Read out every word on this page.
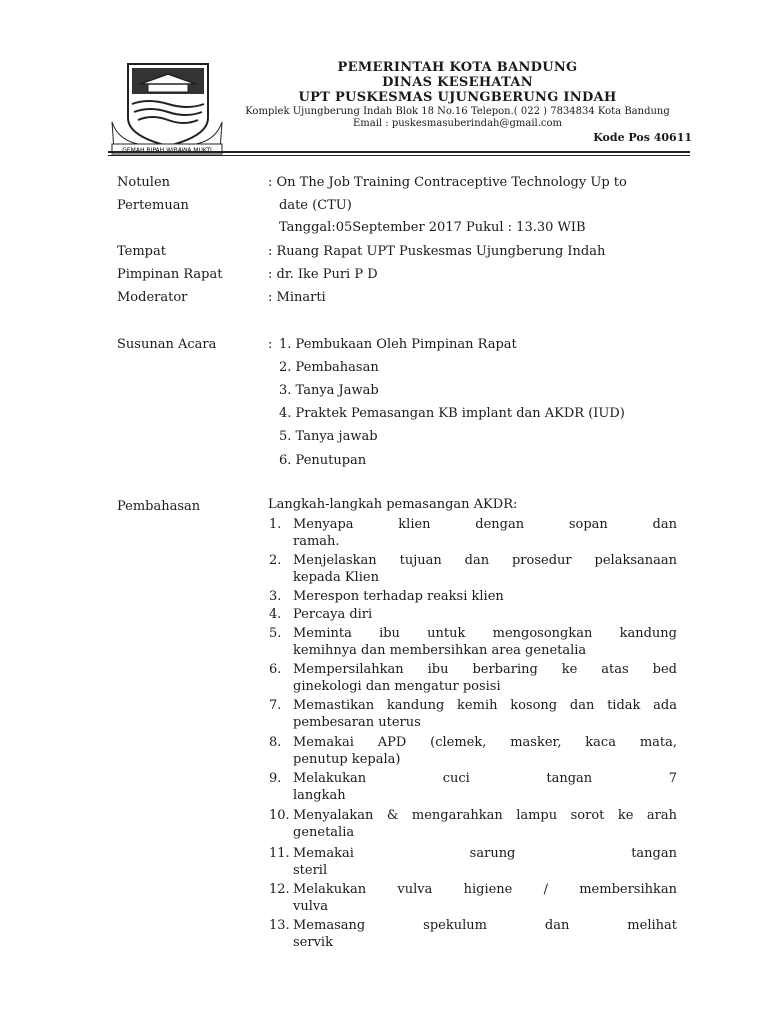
PEMERINTAH KOTA BANDUNG
DINAS KESEHATAN
UPT PUSKESMAS UJUNGBERUNG INDAH
Komplek Ujungberung Indah Blok 18 No.16 Telepon.( 022 ) 7834834 Kota Bandung
Email : puskesmasuberindah@gmail.com
Kode Pos 40611
Notulen	: On The Job Training Contraceptive Technology Up to
Pertemuan	date (CTU)
Tanggal:05September 2017 Pukul : 13.30 WIB
Tempat	: Ruang Rapat UPT Puskesmas Ujungberung Indah
Pimpinan Rapat	: dr. Ike Puri P D
Moderator	: Minarti
Susunan Acara	: 1. Pembukaan Oleh Pimpinan Rapat
2. Pembahasan
3. Tanya Jawab
4. Praktek Pemasangan KB implant dan AKDR (IUD)
5. Tanya jawab
6. Penutupan
Pembahasan	Langkah-langkah pemasangan AKDR:
1. Menyapa klien dengan sopan dan
ramah.
2. Menjelaskan tujuan dan prosedur pelaksanaan
kepada Klien
3. Merespon terhadap reaksi klien
4. Percaya diri
5. Meminta ibu untuk mengosongkan kandung
kemihnya dan membersihkan area genetalia
6. Mempersilahkan ibu berbaring ke atas bed
ginekologi dan mengatur posisi
7. Memastikan kandung kemih kosong dan tidak ada
pembesaran uterus
8. Memakai APD (clemek, masker, kaca mata,
penutup kepala)
9. Melakukan cuci tangan 7
langkah
10. Menyalakan & mengarahkan lampu sorot ke arah
genetalia
11. Memakai sarung tangan
steril
12. Melakukan vulva higiene / membersihkan
vulva
13. Memasang spekulum dan melihat
servik
